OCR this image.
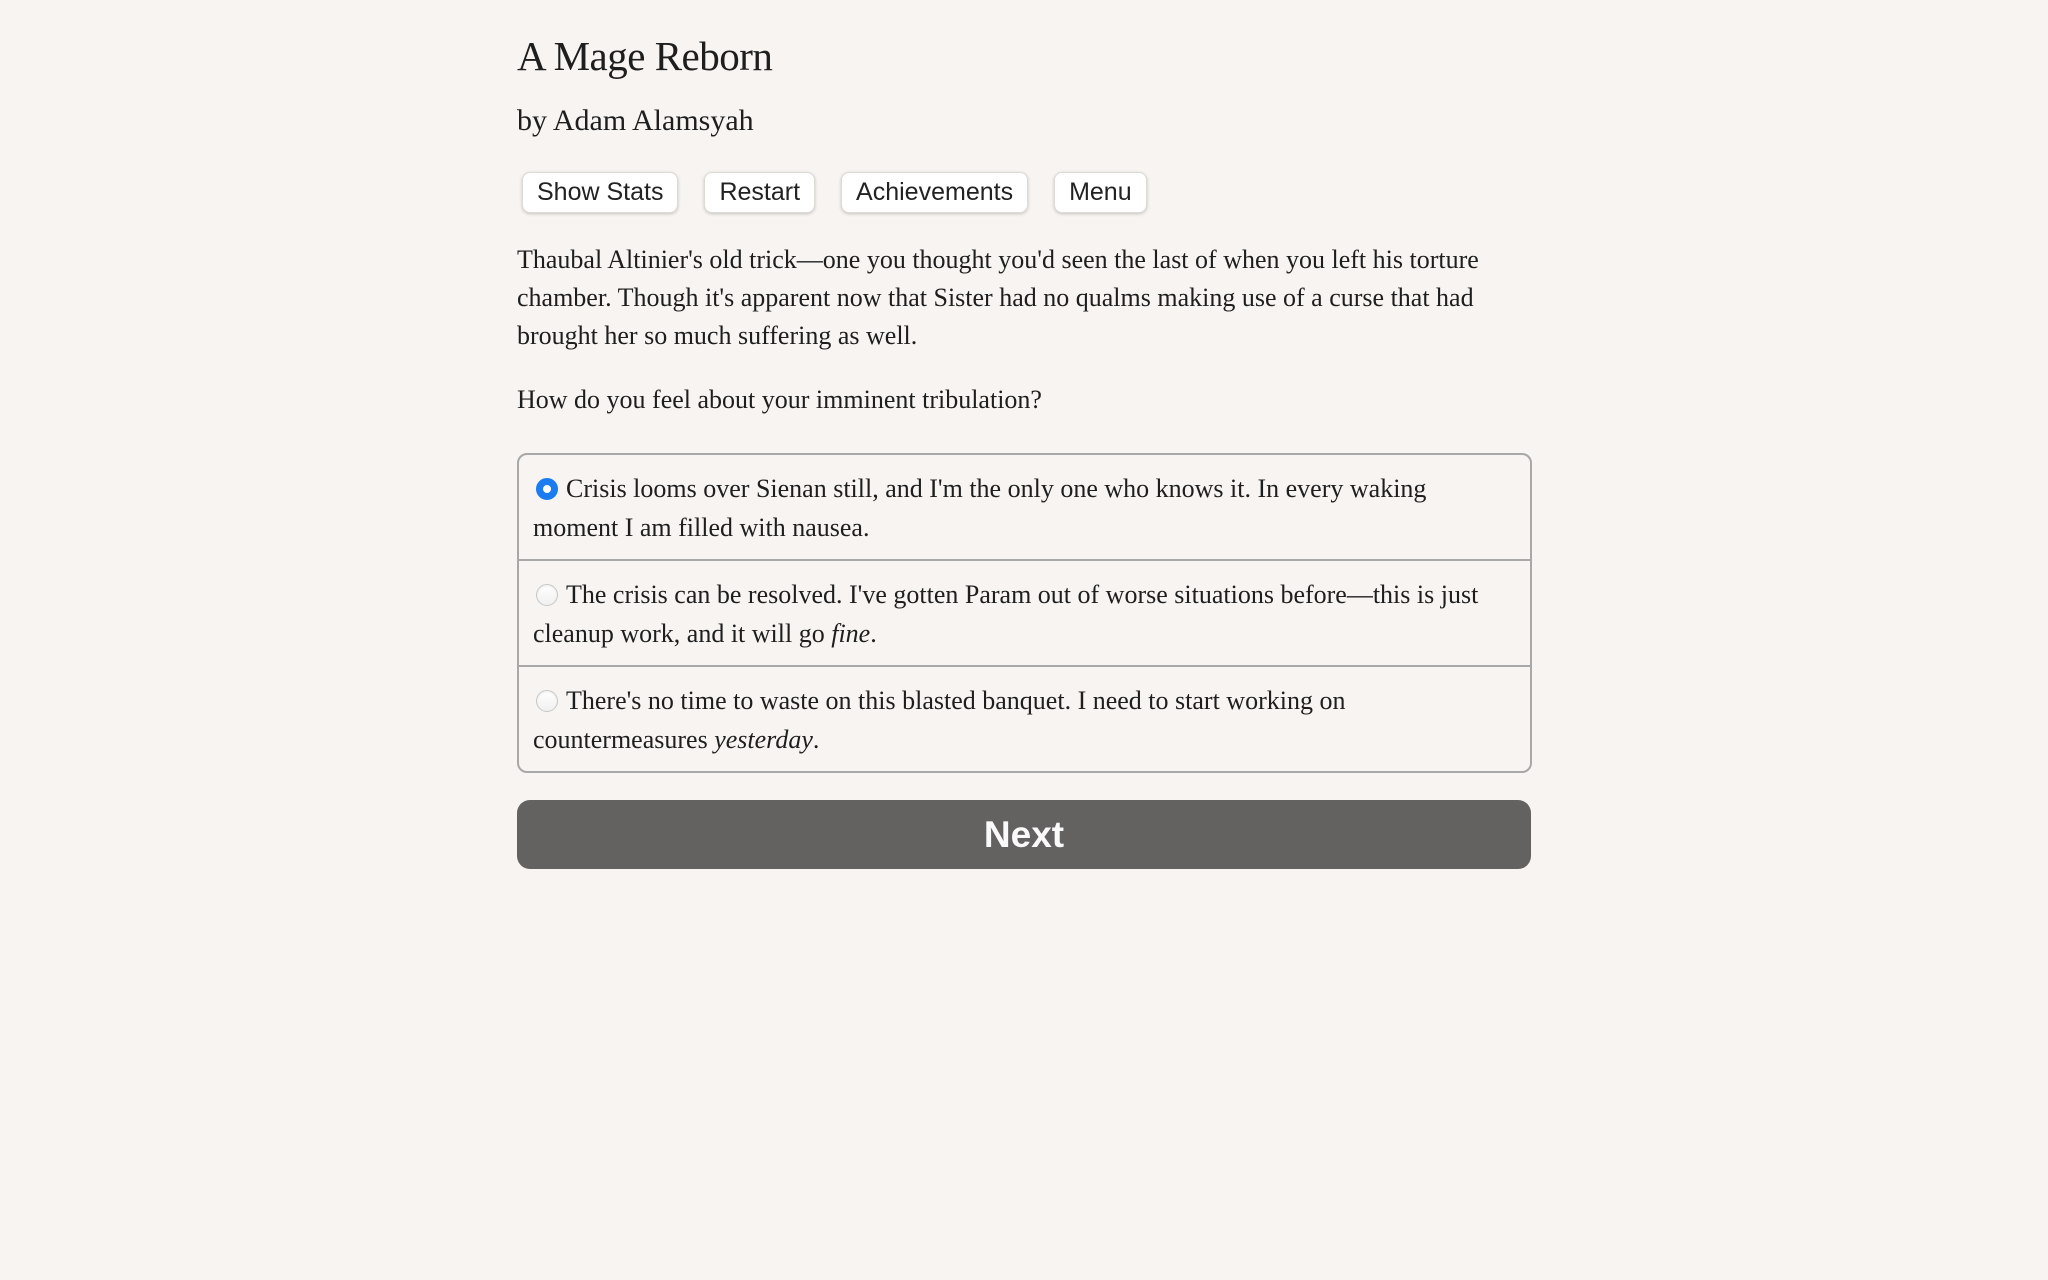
A Mage Reborn
by Adam Alamsyah
Show Stats	Restart	Achievements	Menu

Thaubal Altinier's old trick—one you thought you'd seen the last of when you left his torture chamber. Though it's apparent now that Sister had no qualms making use of a curse that had brought her so much suffering as well.

How do you feel about your imminent tribulation?

Crisis looms over Sienan still, and I'm the only one who knows it. In every waking moment I am filled with nausea.
The crisis can be resolved. I've gotten Param out of worse situations before—this is just cleanup work, and it will go fine.
There's no time to waste on this blasted banquet. I need to start working on countermeasures yesterday.
Next
